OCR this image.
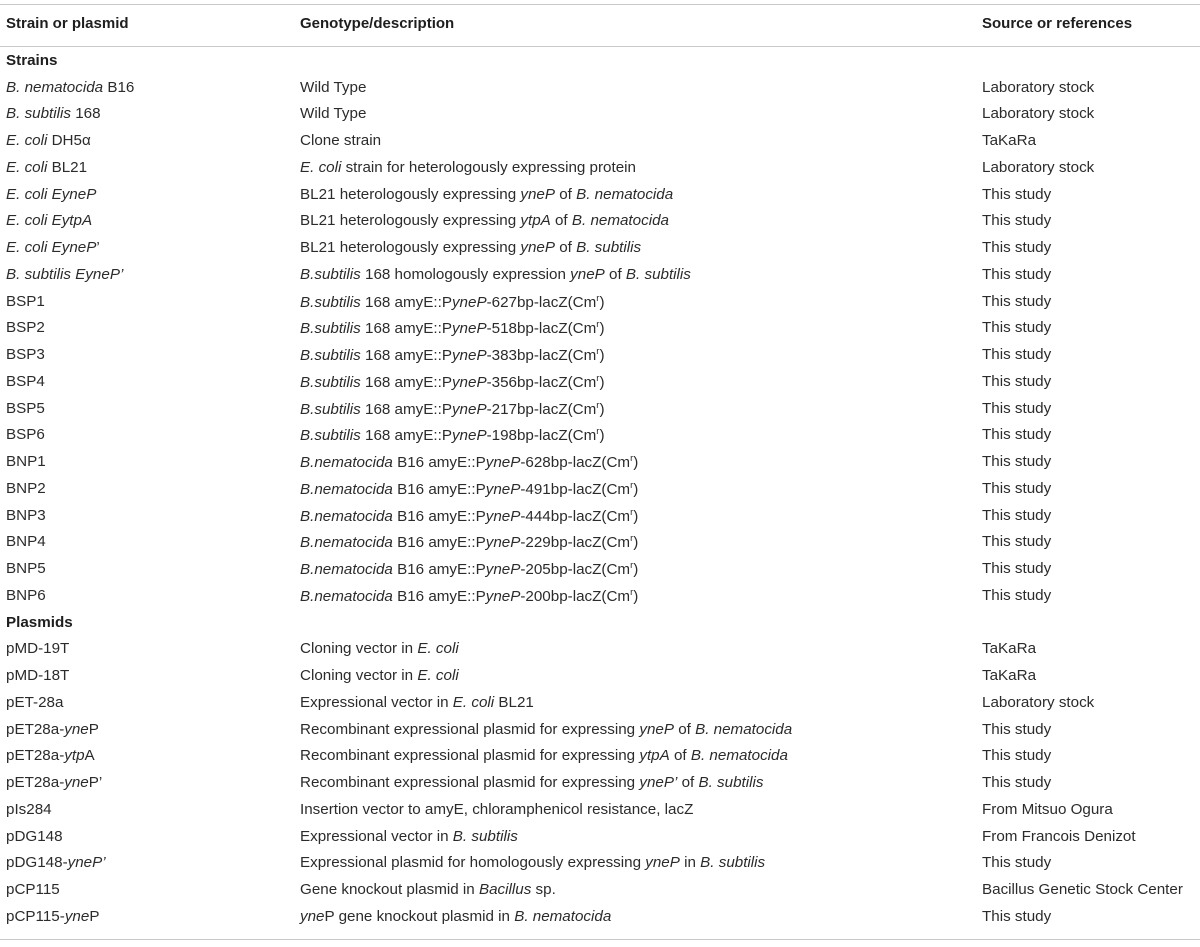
Strain or plasmid	Genotype/description	Source or references
Strains		
B. nematocida B16	Wild Type	Laboratory stock
B. subtilis 168	Wild Type	Laboratory stock
E. coli DH5α	Clone strain	TaKaRa
E. coli BL21	E. coli strain for heterologously expressing protein	Laboratory stock
E. coli EyneP	BL21 heterologously expressing yneP of B. nematocida	This study
E. coli EytpA	BL21 heterologously expressing ytpA of B. nematocida	This study
E. coli EyneP’	BL21 heterologously expressing yneP of B. subtilis	This study
B. subtilis EyneP’	B.subtilis 168 homologously expression yneP of B. subtilis	This study
BSP1	B.subtilis 168 amyE::PyneP-627bp-lacZ(Cm$^r$)	This study
BSP2	B.subtilis 168 amyE::PyneP-518bp-lacZ(Cm$^r$)	This study
BSP3	B.subtilis 168 amyE::PyneP-383bp-lacZ(Cm$^r$)	This study
BSP4	B.subtilis 168 amyE::PyneP-356bp-lacZ(Cm$^r$)	This study
BSP5	B.subtilis 168 amyE::PyneP-217bp-lacZ(Cm$^r$)	This study
BSP6	B.subtilis 168 amyE::PyneP-198bp-lacZ(Cm$^r$)	This study
BNP1	B.nematocida B16 amyE::PyneP-628bp-lacZ(Cm$^r$)	This study
BNP2	B.nematocida B16 amyE::PyneP-491bp-lacZ(Cm$^r$)	This study
BNP3	B.nematocida B16 amyE::PyneP-444bp-lacZ(Cm$^r$)	This study
BNP4	B.nematocida B16 amyE::PyneP-229bp-lacZ(Cm$^r$)	This study
BNP5	B.nematocida B16 amyE::PyneP-205bp-lacZ(Cm$^r$)	This study
BNP6	B.nematocida B16 amyE::PyneP-200bp-lacZ(Cm$^r$)	This study
Plasmids		
pMD-19T	Cloning vector in E. coli	TaKaRa
pMD-18T	Cloning vector in E. coli	TaKaRa
pET-28a	Expressional vector in E. coli BL21	Laboratory stock
pET28a-yneP	Recombinant expressional plasmid for expressing yneP of B. nematocida	This study
pET28a-ytpA	Recombinant expressional plasmid for expressing ytpA of B. nematocida	This study
pET28a-yneP’	Recombinant expressional plasmid for expressing yneP’ of B. subtilis	This study
pIs284	Insertion vector to amyE, chloramphenicol resistance, lacZ	From Mitsuo Ogura
pDG148	Expressional vector in B. subtilis	From Francois Denizot
pDG148-yneP’	Expressional plasmid for homologously expressing yneP in B. subtilis	This study
pCP115	Gene knockout plasmid in Bacillus sp.	Bacillus Genetic Stock Center
pCP115-yneP	yneP gene knockout plasmid in B. nematocida	This study
